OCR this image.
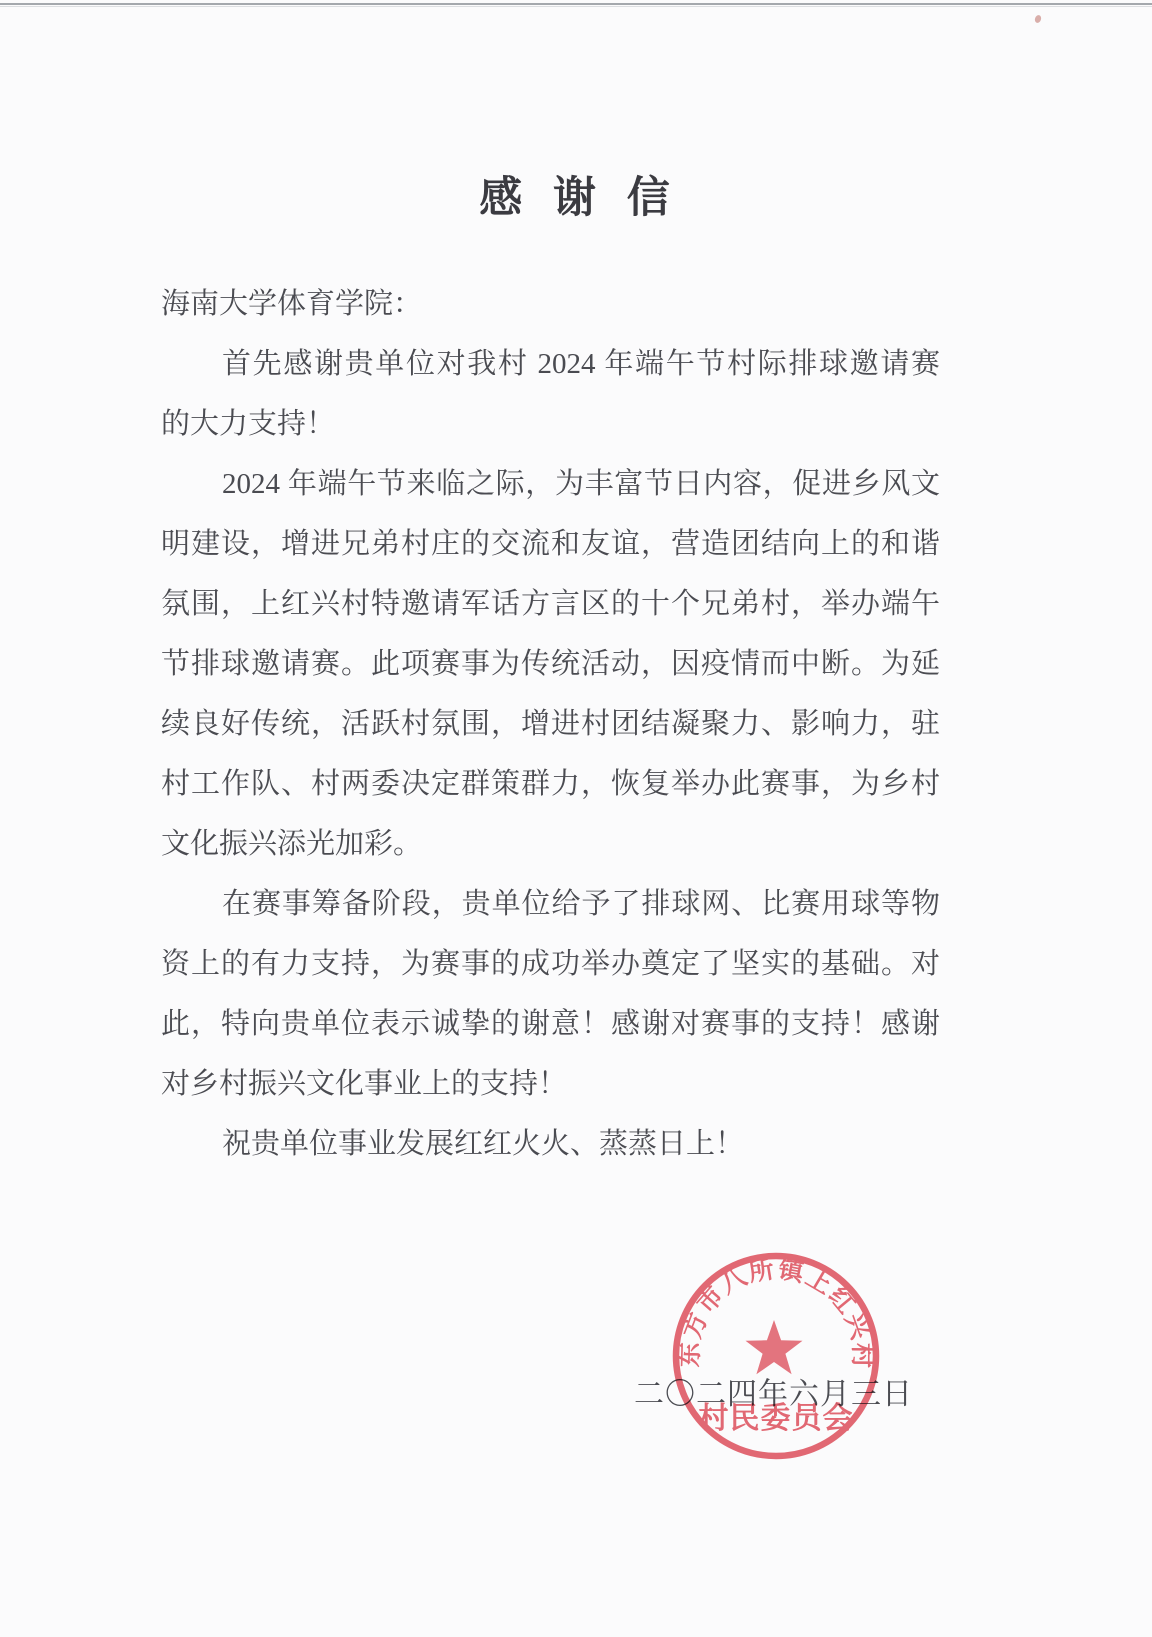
感 谢 信
海南大学体育学院：
首先感谢贵单位对我村 2024 年端午节村际排球邀请赛
的大力支持！
2024 年端午节来临之际，为丰富节日内容，促进乡风文
明建设，增进兄弟村庄的交流和友谊，营造团结向上的和谐
氛围，上红兴村特邀请军话方言区的十个兄弟村，举办端午
节排球邀请赛。此项赛事为传统活动，因疫情而中断。为延
续良好传统，活跃村氛围，增进村团结凝聚力、影响力，驻
村工作队、村两委决定群策群力，恢复举办此赛事，为乡村
文化振兴添光加彩。
在赛事筹备阶段，贵单位给予了排球网、比赛用球等物
资上的有力支持，为赛事的成功举办奠定了坚实的基础。对
此，特向贵单位表示诚挚的谢意！感谢对赛事的支持！感谢
对乡村振兴文化事业上的支持！
祝贵单位事业发展红红火火、蒸蒸日上！
二〇二四年六月三日
东方市八所镇上红兴村
村民委员会
